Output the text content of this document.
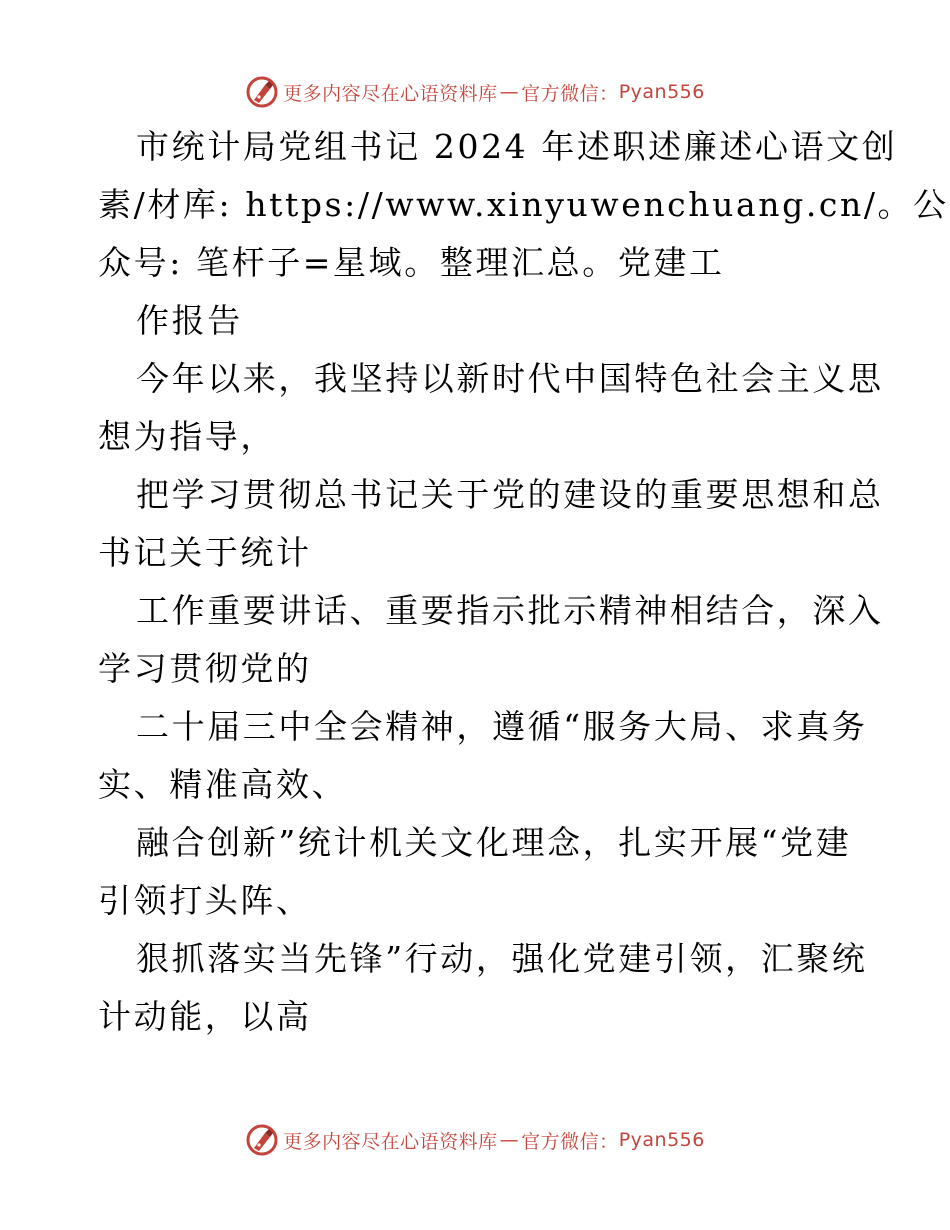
更多内容尽在心语资料库 — 官方微信： Pyan556
市统计局党组书记 2024 年述职述廉述心语文创
素/材库: https://www.xinyuwenchuang.cn/。公
众号: 笔杆子=星域。整理汇总。党建工
作报告
今年以来，我坚持以新时代中国特色社会主义思
想为指导，
把学习贯彻总书记关于党的建设的重要思想和总
书记关于统计
工作重要讲话、重要指示批示精神相结合，深入
学习贯彻党的
二十届三中全会精神，遵循“服务大局、求真务
实、精准高效、
融合创新”统计机关文化理念，扎实开展“党建
引领打头阵、
狠抓落实当先锋”行动，强化党建引领，汇聚统
计动能，以高
更多内容尽在心语资料库 — 官方微信： Pyan556
